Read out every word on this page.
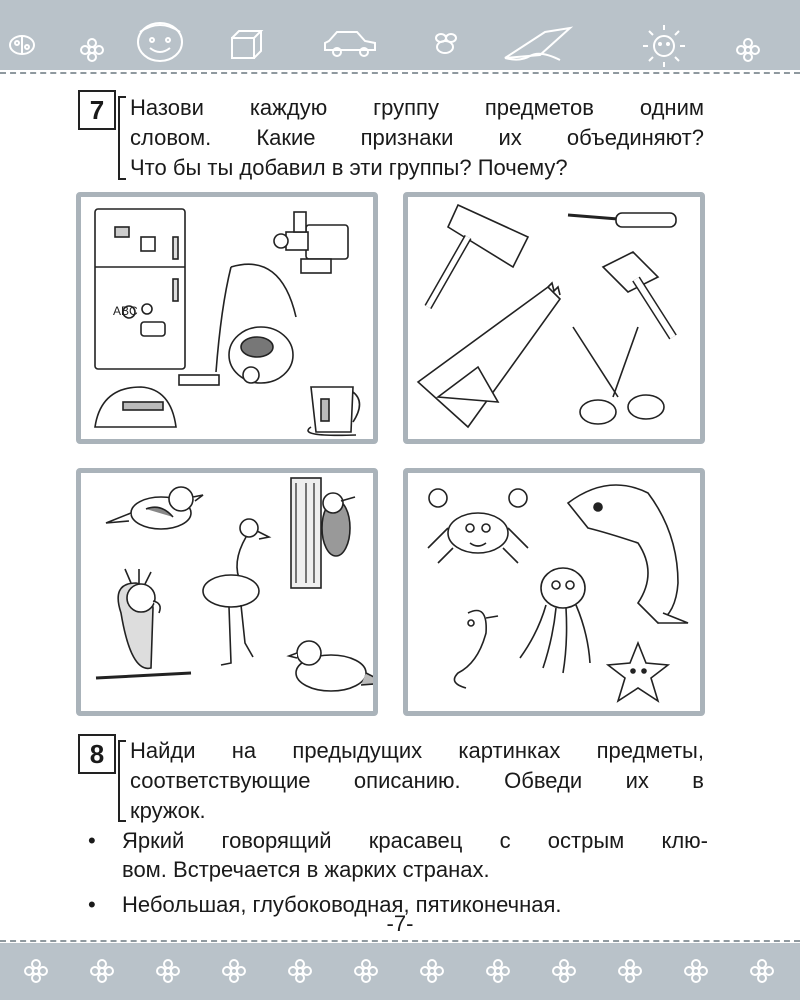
7	Назови каждую группу предметов одним
словом. Какие признаки их объединяют?
Что бы ты добавил в эти группы? Почему?
ABC
8	Найди на предыдущих картинках предметы,
соответствующие описанию. Обведи их в
кружок.
• Яркий говорящий красавец с острым клю-
вом. Встречается в жарких странах.
• Небольшая, глубоководная, пятиконечная.
-7-
